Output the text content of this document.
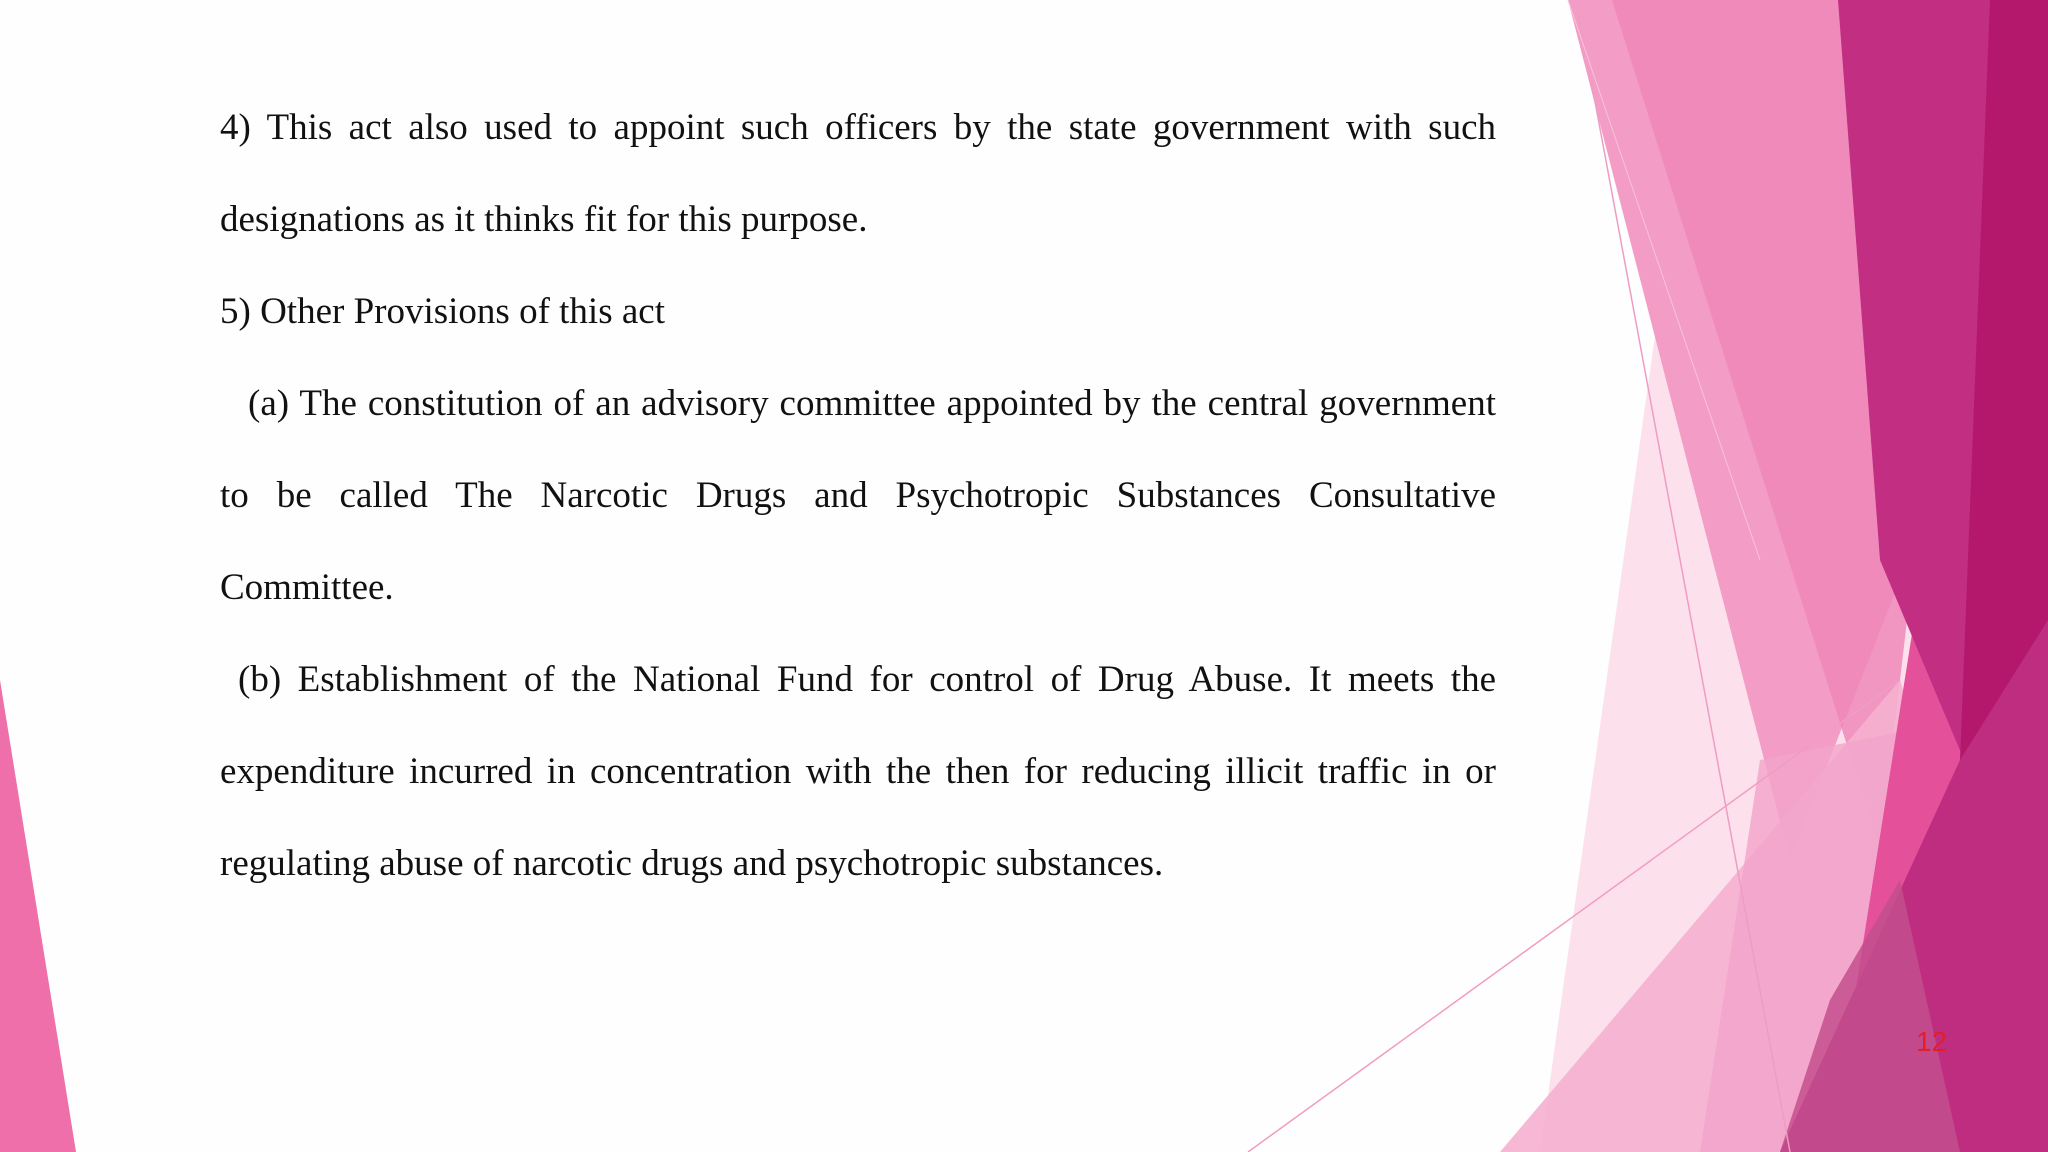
4) This act also used to appoint such officers by the state government with such designations as it thinks fit for this purpose.

5) Other Provisions of this act

(a) The constitution of an advisory committee appointed by the central government to be called The Narcotic Drugs and Psychotropic Substances Consultative Committee.

(b) Establishment of the National Fund for control of Drug Abuse. It meets the expenditure incurred in concentration with the then for reducing illicit traffic in or regulating abuse of narcotic drugs and psychotropic substances.

12
